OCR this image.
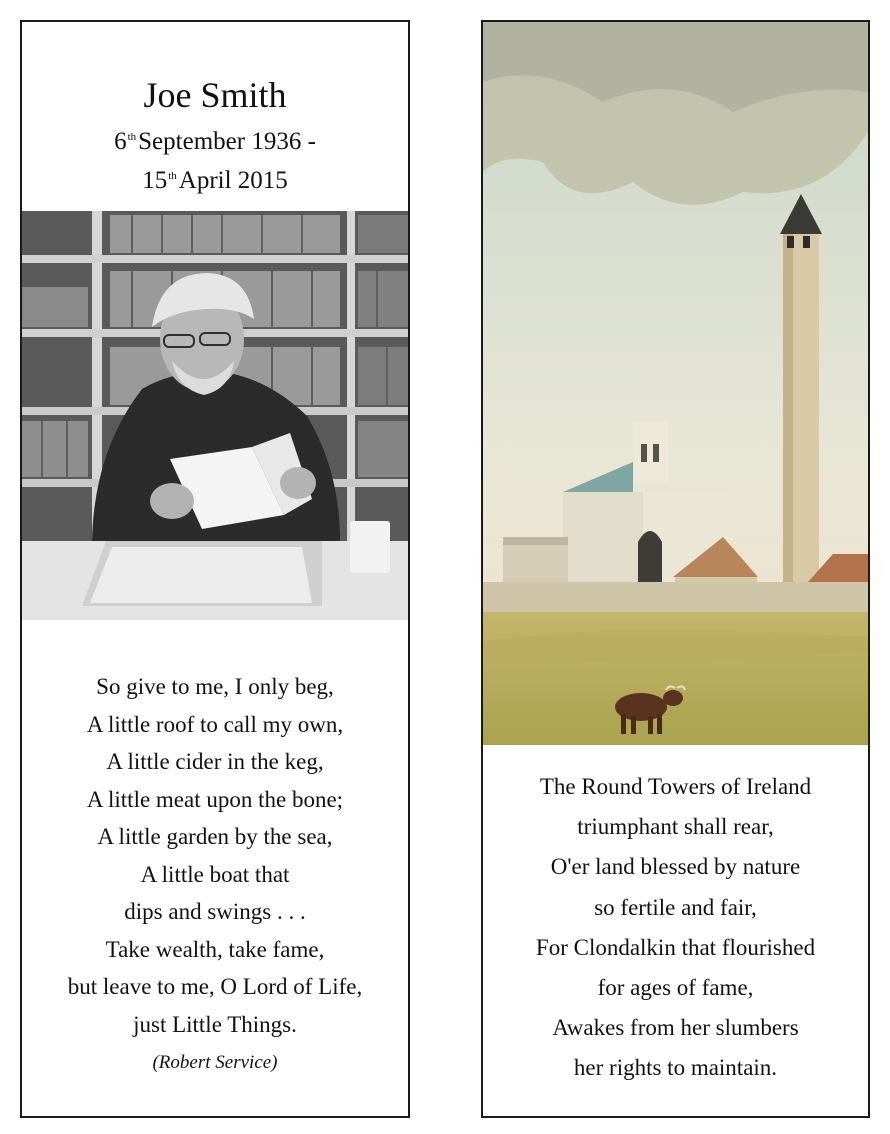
Joe Smith
6thSeptember 1936 -
15thApril 2015
So give to me, I only beg,
A little roof to call my own,
A little cider in the keg,
A little meat upon the bone;
A little garden by the sea,
A little boat that
dips and swings . . .
Take wealth, take fame,
but leave to me, O Lord of Life,
just Little Things.
(Robert Service)
The Round Towers of Ireland
triumphant shall rear,
O'er land blessed by nature
so fertile and fair,
For Clondalkin that flourished
for ages of fame,
Awakes from her slumbers
her rights to maintain.
